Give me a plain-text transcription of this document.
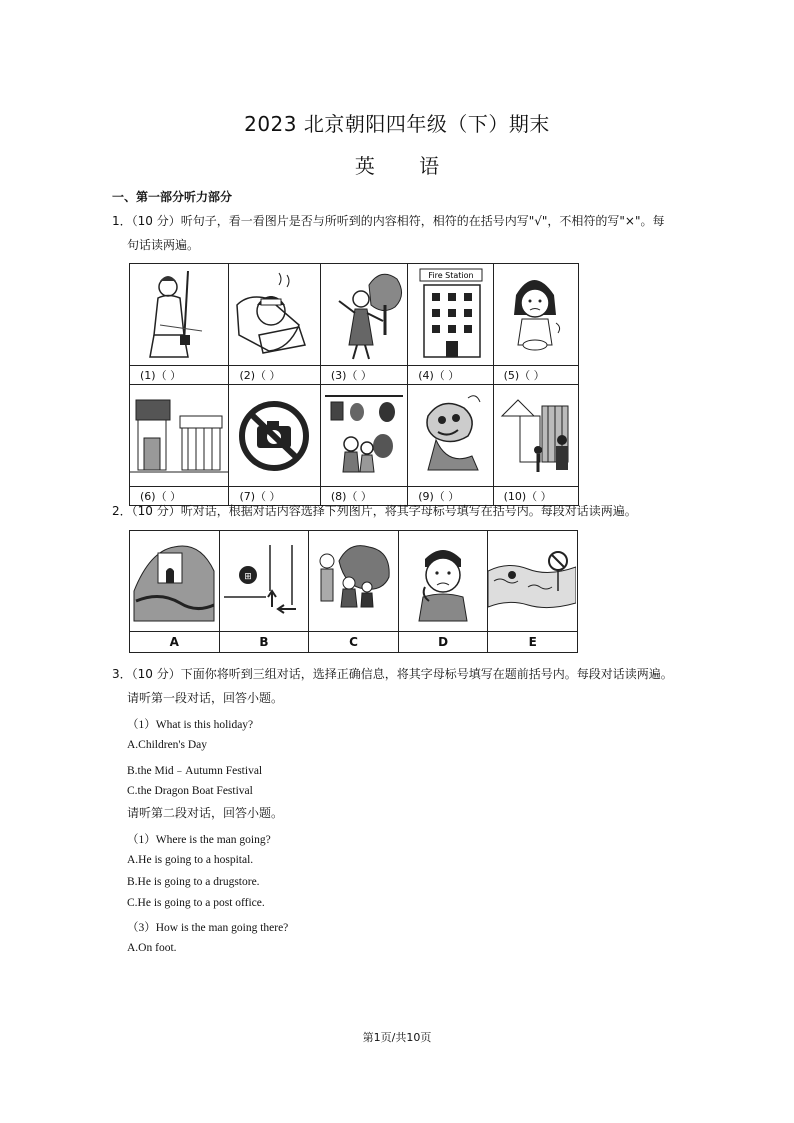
2023 北京朝阳四年级（下）期末
英 语
一、第一部分听力部分
1．（10 分）听句子，看一看图片是否与所听到的内容相符，相符的在括号内写"√"，不相符的写"×"。每
句话读两遍。

Fire Station

(1)（ ）	(2)（ ）	(3)（ ）	(4)（ ）	(5)（ ）

(6)（ ）	(7)（ ）	(8)（ ）	(9)（ ）	(10)（ ）
2．（10 分）听对话，根据对话内容选择下列图片，将其字母标号填写在括号内。每段对话读两遍。

⊞

A	B	C	D	E
3．（10 分）下面你将听到三组对话，选择正确信息，将其字母标号填写在题前括号内。每段对话读两遍。
请听第一段对话，回答小题。
（1）What is this holiday?
A.Children's Day
B.the Mid﹣Autumn Festival
C.the Dragon Boat Festival
请听第二段对话，回答小题。
（1）Where is the man going?
A.He is going to a hospital.
B.He is going to a drugstore.
C.He is going to a post office.
（3）How is the man going there?
A.On foot.
第1页/共10页
